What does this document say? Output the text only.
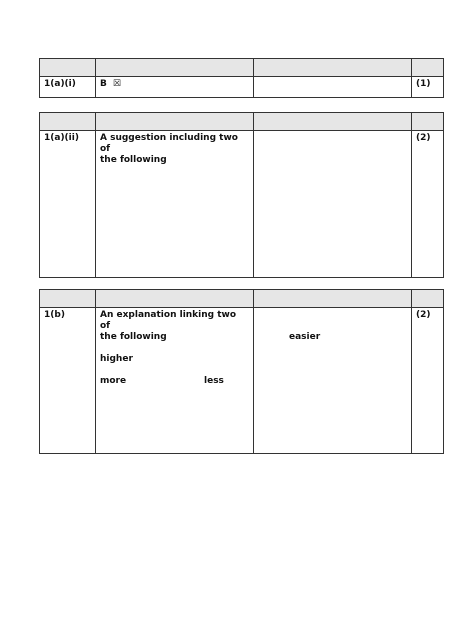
1(a)(i)	B ☒		(1)

1(a)(ii)	A suggestion including two of
the following		(2)

1(b)	An explanation linking two of
the following
higher
more less	easier	(2)
